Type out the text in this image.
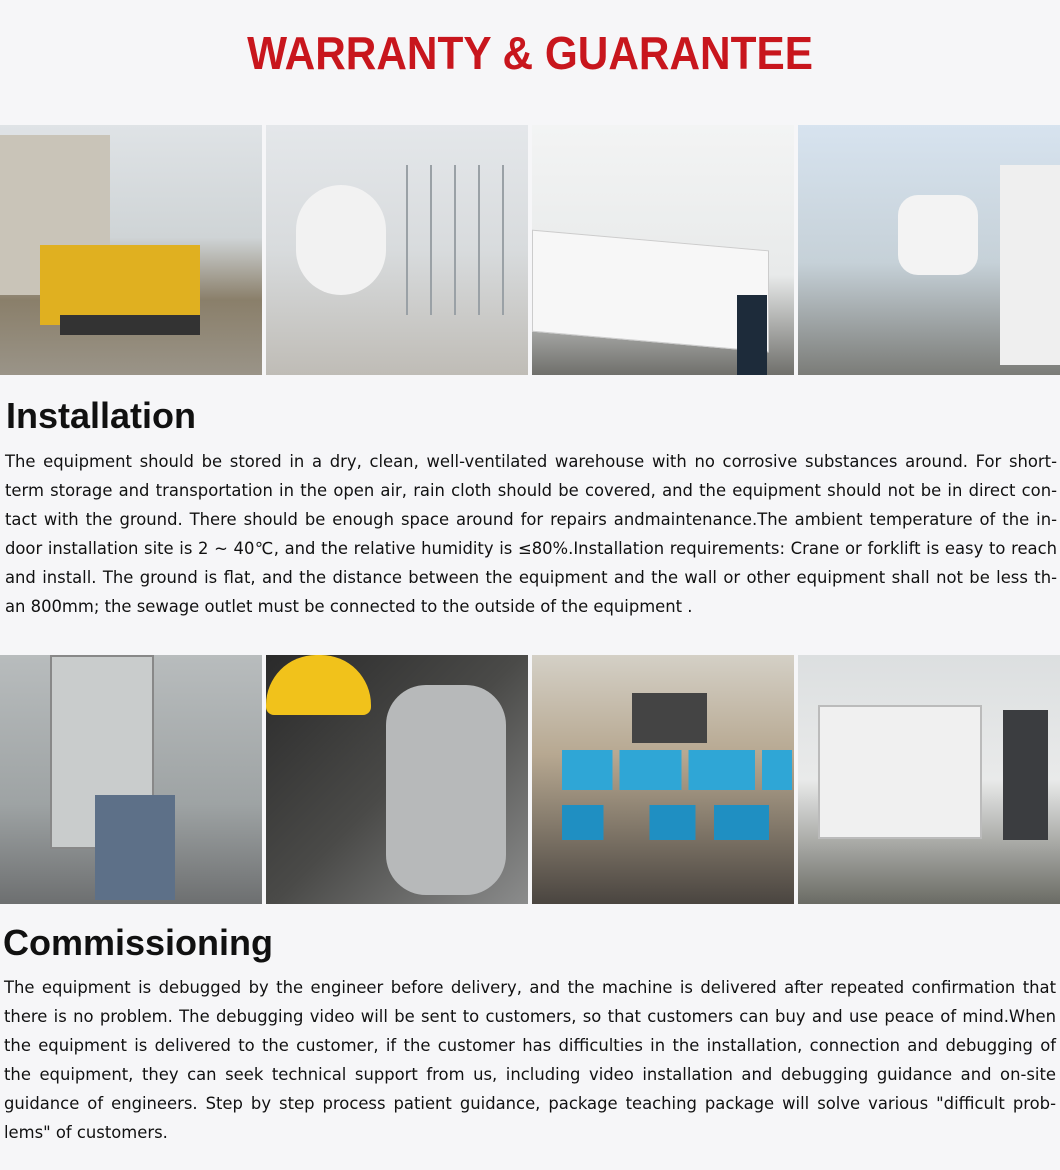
WARRANTY & GUARANTEE
Installation
The equipment should be stored in a dry, clean, well-ventilated warehouse with no corrosive substances around. For short-
term storage and transportation in the open air, rain cloth should be covered, and the equipment should not be in direct con-
tact with the ground. There should be enough space around for repairs andmaintenance.The ambient temperature of the in-
door installation site is 2 ~ 40℃, and the relative humidity is ≤80%.Installation requirements: Crane or forklift is easy to reach
and install. The ground is flat, and the distance between the equipment and the wall or other equipment shall not be less th-
an 800mm; the sewage outlet must be connected to the outside of the equipment .
Commissioning
The equipment is debugged by the engineer before delivery, and the machine is delivered after repeated confirmation that
there is no problem. The debugging video will be sent to customers, so that customers can buy and use peace of mind.When
the equipment is delivered to the customer, if the customer has difficulties in the installation, connection and debugging of
the equipment, they can seek technical support from us, including video installation and debugging guidance and on-site
guidance of engineers. Step by step process patient guidance, package teaching package will solve various "difficult prob-
lems" of customers.
